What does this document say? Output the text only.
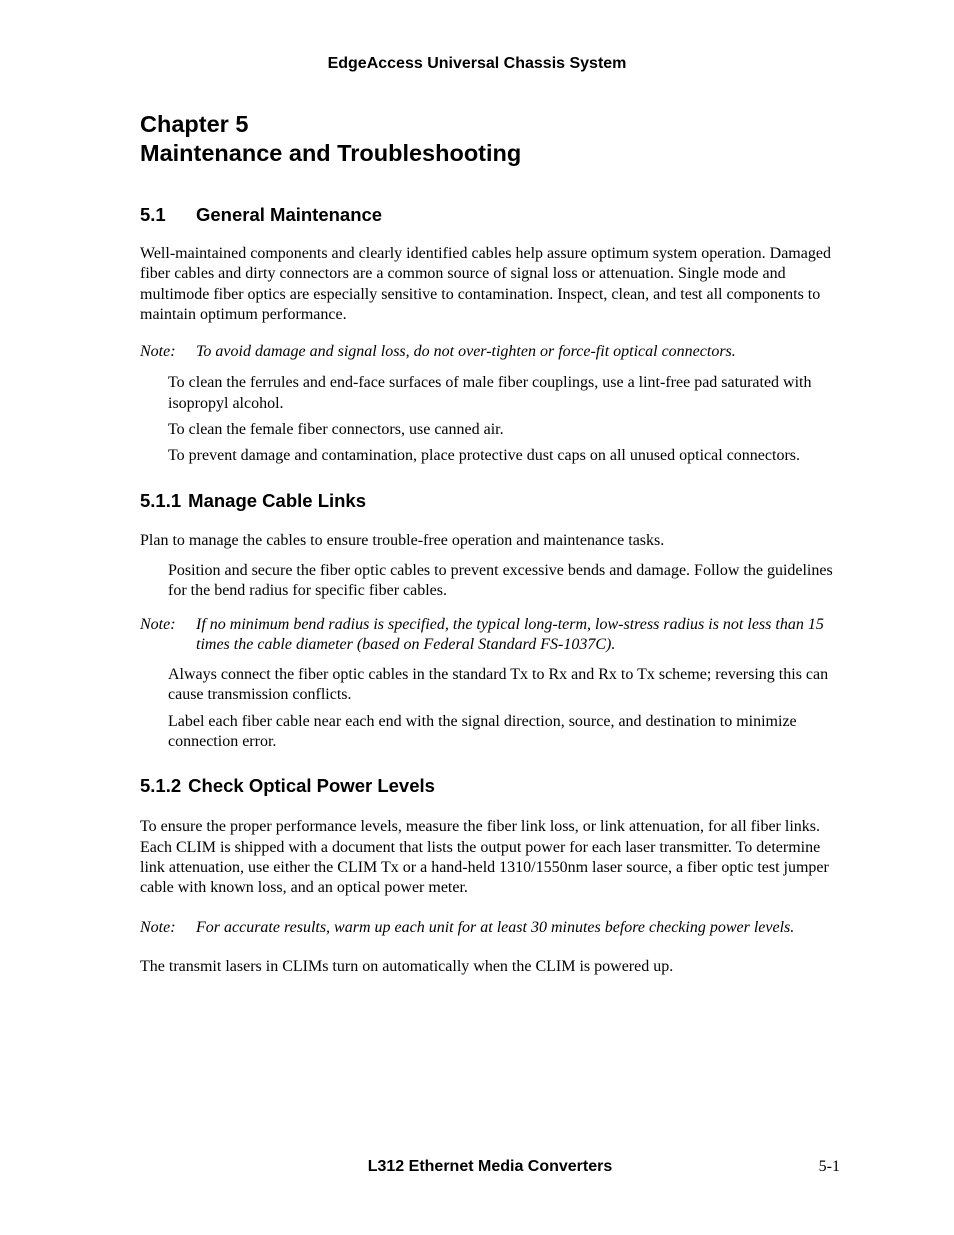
EdgeAccess Universal Chassis System
Chapter 5
Maintenance and Troubleshooting
5.1 General Maintenance

Well-maintained components and clearly identified cables help assure optimum system operation. Damaged fiber cables and dirty connectors are a common source of signal loss or attenuation. Single mode and multimode fiber optics are especially sensitive to contamination. Inspect, clean, and test all components to maintain optimum performance.

Note:	To avoid damage and signal loss, do not over-tighten or force-fit optical connectors.

To clean the ferrules and end-face surfaces of male fiber couplings, use a lint-free pad saturated with isopropyl alcohol.

To clean the female fiber connectors, use canned air.

To prevent damage and contamination, place protective dust caps on all unused optical connectors.

5.1.1 Manage Cable Links

Plan to manage the cables to ensure trouble-free operation and maintenance tasks.

Position and secure the fiber optic cables to prevent excessive bends and damage. Follow the guidelines for the bend radius for specific fiber cables.

Note:	If no minimum bend radius is specified, the typical long-term, low-stress radius is not less than 15 times the cable diameter (based on Federal Standard FS-1037C).

Always connect the fiber optic cables in the standard Tx to Rx and Rx to Tx scheme; reversing this can cause transmission conflicts.

Label each fiber cable near each end with the signal direction, source, and destination to minimize connection error.

5.1.2 Check Optical Power Levels

To ensure the proper performance levels, measure the fiber link loss, or link attenuation, for all fiber links. Each CLIM is shipped with a document that lists the output power for each laser transmitter. To determine link attenuation, use either the CLIM Tx or a hand-held 1310/1550nm laser source, a fiber optic test jumper cable with known loss, and an optical power meter.

Note:	For accurate results, warm up each unit for at least 30 minutes before checking power levels.

The transmit lasers in CLIMs turn on automatically when the CLIM is powered up.

L312 Ethernet Media Converters	5-1
